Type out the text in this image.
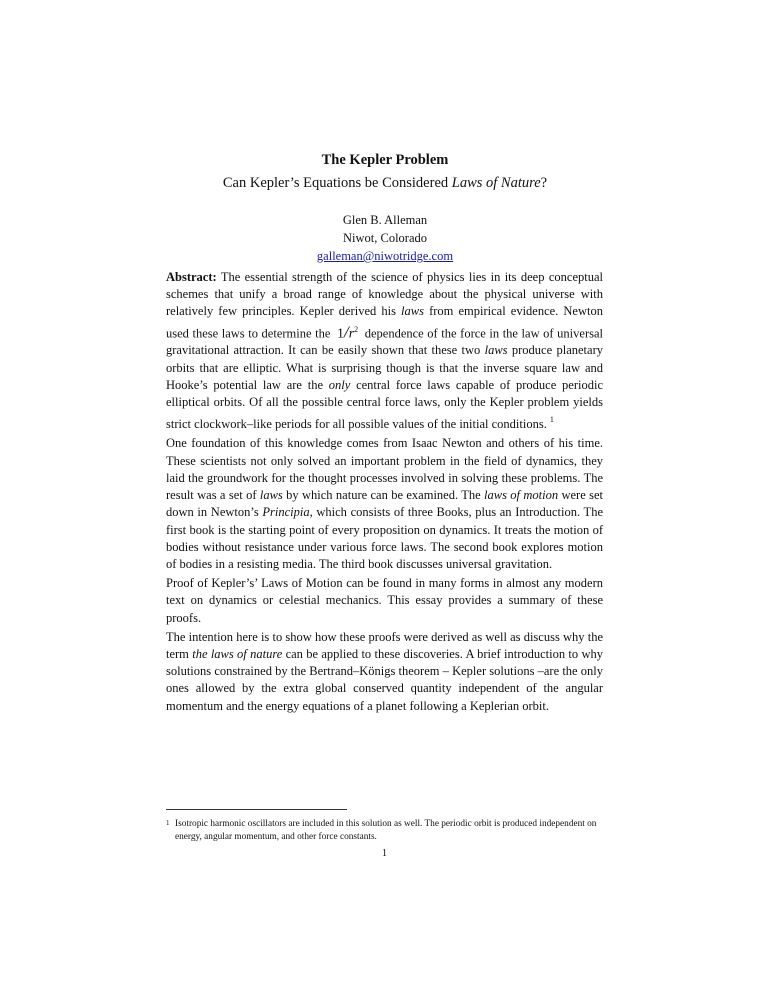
The Kepler Problem
Can Kepler’s Equations be Considered Laws of Nature?
Glen B. Alleman
Niwot, Colorado
galleman@niwotridge.com

Abstract: The essential strength of the science of physics lies in its deep conceptual schemes that unify a broad range of knowledge about the physical universe with relatively few principles. Kepler derived his laws from empirical evidence. Newton used these laws to determine the $1/r^2$ dependence of the force in the law of universal gravitational attraction. It can be easily shown that these two laws produce planetary orbits that are elliptic. What is surprising though is that the inverse square law and Hooke’s potential law are the only central force laws capable of produce periodic elliptical orbits. Of all the possible central force laws, only the Kepler problem yields strict clockwork–like periods for all possible values of the initial conditions. $^1$

One foundation of this knowledge comes from Isaac Newton and others of his time. These scientists not only solved an important problem in the field of dynamics, they laid the groundwork for the thought processes involved in solving these problems. The result was a set of laws by which nature can be examined. The laws of motion were set down in Newton’s Principia, which consists of three Books, plus an Introduction. The first book is the starting point of every proposition on dynamics. It treats the motion of bodies without resistance under various force laws. The second book explores motion of bodies in a resisting media. The third book discusses universal gravitation.

Proof of Kepler’s’ Laws of Motion can be found in many forms in almost any modern text on dynamics or celestial mechanics. This essay provides a summary of these proofs.

The intention here is to show how these proofs were derived as well as discuss why the term the laws of nature can be applied to these discoveries. A brief introduction to why solutions constrained by the Bertrand–Königs theorem – Kepler solutions –are the only ones allowed by the extra global conserved quantity independent of the angular momentum and the energy equations of a planet following a Keplerian orbit.

1 Isotropic harmonic oscillators are included in this solution as well. The periodic orbit is produced independent on energy, angular momentum, and other force constants.
1
